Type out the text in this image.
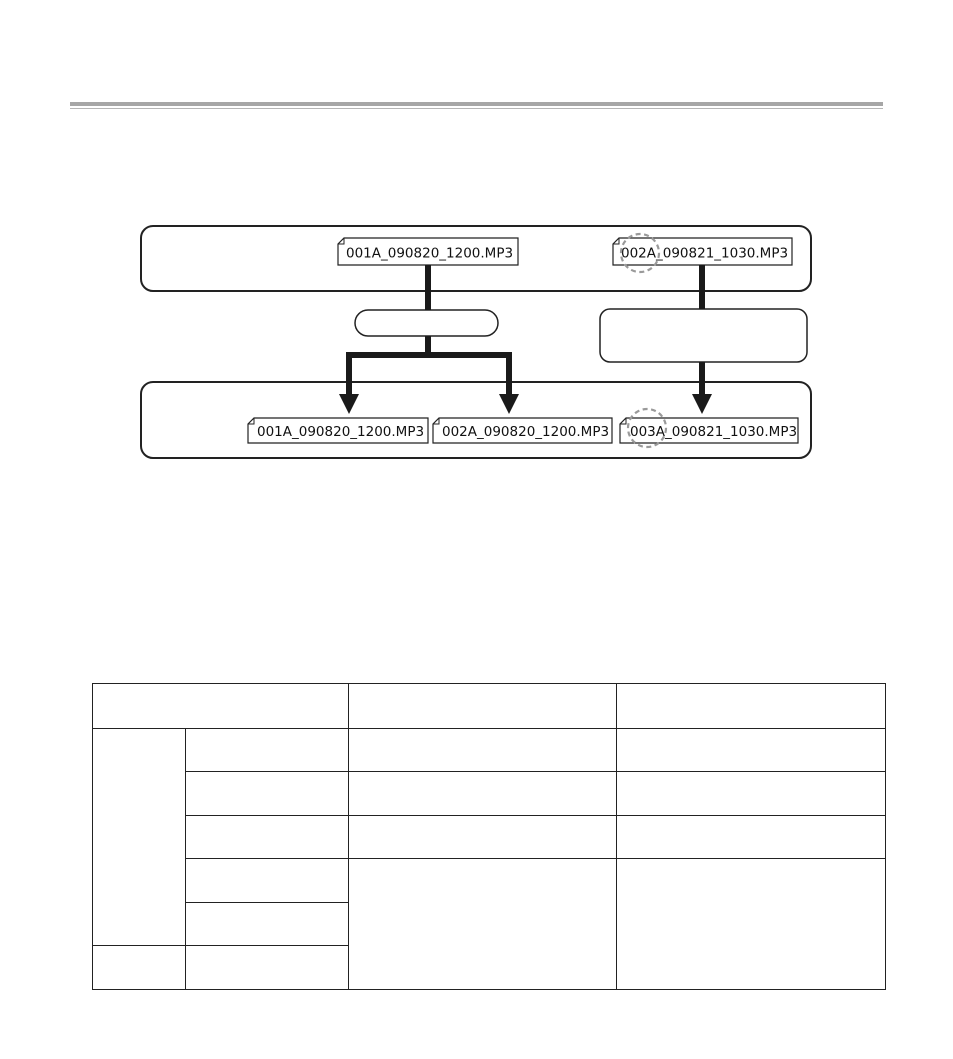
001A_090820_1200.MP3	002A_090821_1030.MP3
001A_090820_1200.MP3 002A_090820_1200.MP3 003A_090821_1030.MP3
